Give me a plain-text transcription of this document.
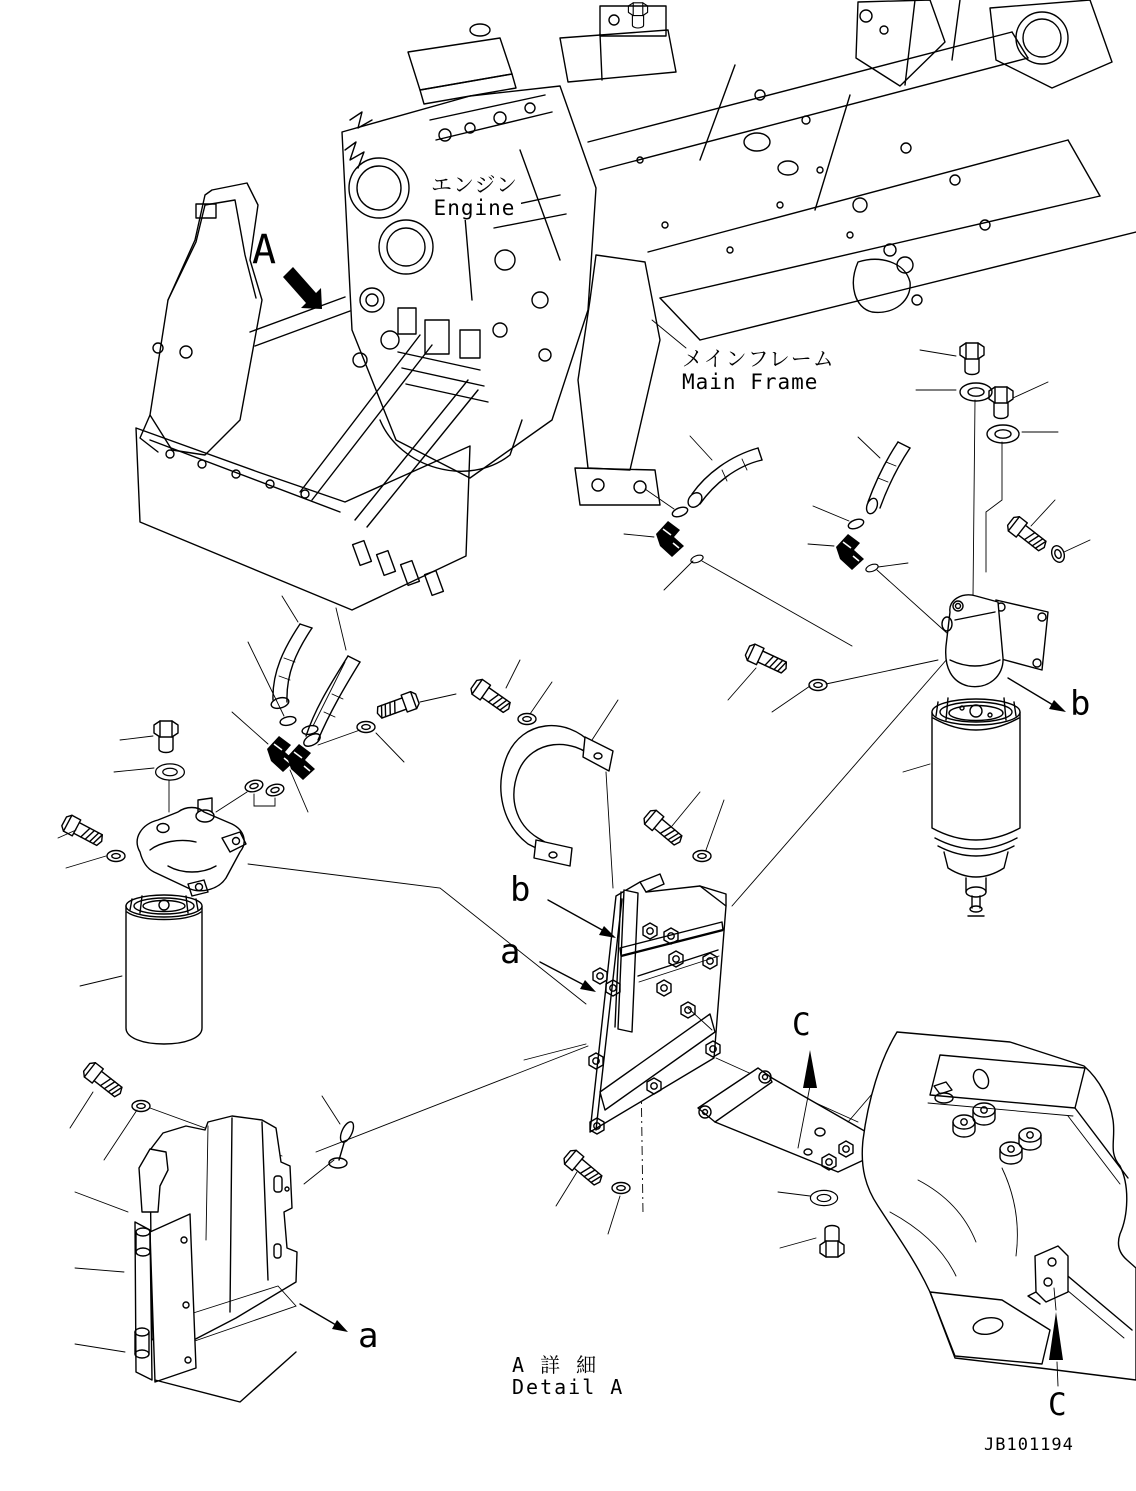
エンジン
Engine
メインフレーム
Main Frame
A
b
b
a
C
a
C
A 詳 細
Detail A
JB101194
